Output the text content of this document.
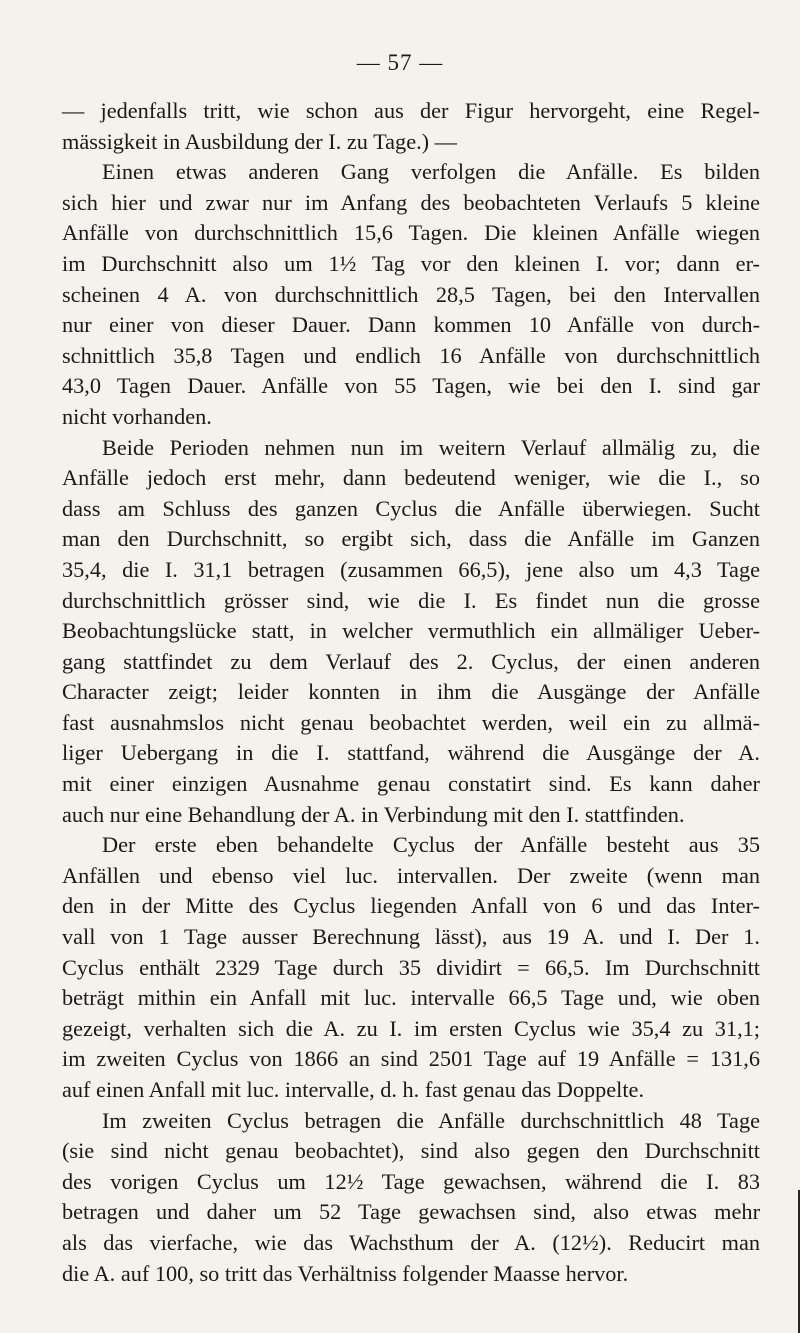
— 57 —
— jedenfalls tritt, wie schon aus der Figur hervorgeht, eine Regel-
mässigkeit in Ausbildung der I. zu Tage.) —
Einen etwas anderen Gang verfolgen die Anfälle. Es bilden
sich hier und zwar nur im Anfang des beobachteten Verlaufs 5 kleine
Anfälle von durchschnittlich 15,6 Tagen. Die kleinen Anfälle wiegen
im Durchschnitt also um 1½ Tag vor den kleinen I. vor; dann er-
scheinen 4 A. von durchschnittlich 28,5 Tagen, bei den Intervallen
nur einer von dieser Dauer. Dann kommen 10 Anfälle von durch-
schnittlich 35,8 Tagen und endlich 16 Anfälle von durchschnittlich
43,0 Tagen Dauer. Anfälle von 55 Tagen, wie bei den I. sind gar
nicht vorhanden.
Beide Perioden nehmen nun im weitern Verlauf allmälig zu, die
Anfälle jedoch erst mehr, dann bedeutend weniger, wie die I., so
dass am Schluss des ganzen Cyclus die Anfälle überwiegen. Sucht
man den Durchschnitt, so ergibt sich, dass die Anfälle im Ganzen
35,4, die I. 31,1 betragen (zusammen 66,5), jene also um 4,3 Tage
durchschnittlich grösser sind, wie die I. Es findet nun die grosse
Beobachtungslücke statt, in welcher vermuthlich ein allmäliger Ueber-
gang stattfindet zu dem Verlauf des 2. Cyclus, der einen anderen
Character zeigt; leider konnten in ihm die Ausgänge der Anfälle
fast ausnahmslos nicht genau beobachtet werden, weil ein zu allmä-
liger Uebergang in die I. stattfand, während die Ausgänge der A.
mit einer einzigen Ausnahme genau constatirt sind. Es kann daher
auch nur eine Behandlung der A. in Verbindung mit den I. stattfinden.
Der erste eben behandelte Cyclus der Anfälle besteht aus 35
Anfällen und ebenso viel luc. intervallen. Der zweite (wenn man
den in der Mitte des Cyclus liegenden Anfall von 6 und das Inter-
vall von 1 Tage ausser Berechnung lässt), aus 19 A. und I. Der 1.
Cyclus enthält 2329 Tage durch 35 dividirt = 66,5. Im Durchschnitt
beträgt mithin ein Anfall mit luc. intervalle 66,5 Tage und, wie oben
gezeigt, verhalten sich die A. zu I. im ersten Cyclus wie 35,4 zu 31,1;
im zweiten Cyclus von 1866 an sind 2501 Tage auf 19 Anfälle = 131,6
auf einen Anfall mit luc. intervalle, d. h. fast genau das Doppelte.
Im zweiten Cyclus betragen die Anfälle durchschnittlich 48 Tage
(sie sind nicht genau beobachtet), sind also gegen den Durchschnitt
des vorigen Cyclus um 12½ Tage gewachsen, während die I. 83
betragen und daher um 52 Tage gewachsen sind, also etwas mehr
als das vierfache, wie das Wachsthum der A. (12½). Reducirt man
die A. auf 100, so tritt das Verhältniss folgender Maasse hervor.
